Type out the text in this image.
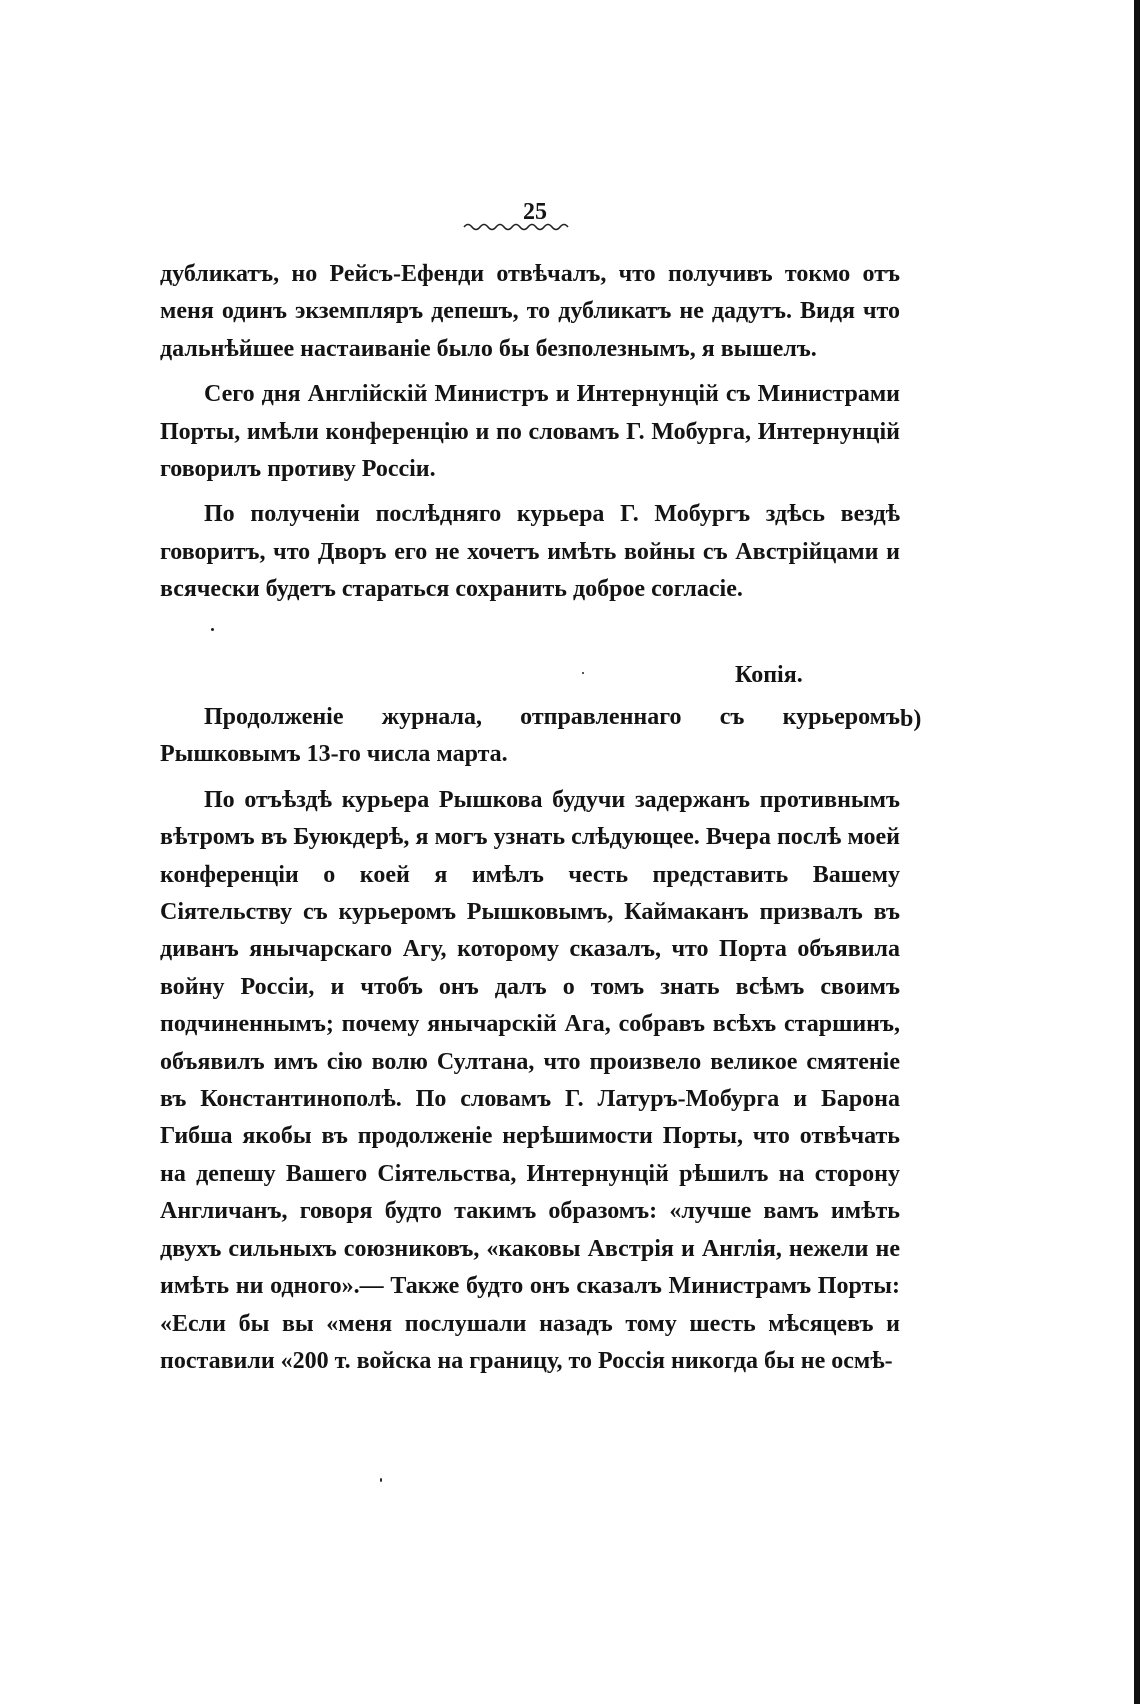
25

дубликатъ, но Рейсъ-Ефенди отвѣчалъ, что получивъ токмо отъ меня одинъ экземпляръ депешъ, то дубликатъ не дадутъ. Видя что дальнѣйшее настаиваніе было бы безполезнымъ, я вышелъ.

Сего дня Англійскій Министръ и Интернунцій съ Министрами Порты, имѣли конференцію и по словамъ Г. Мобурга, Интернунцій говорилъ противу Россіи.

По полученіи послѣдняго курьера Г. Мобургъ здѣсь вездѣ говоритъ, что Дворъ его не хочетъ имѣть войны съ Австрійцами и всячески будетъ стараться сохранить доброе согласіе.

Копія.
b)

Продолженіе журнала, отправленнаго съ курьеромъ Рышковымъ 13-го числа марта.

По отъѣздѣ курьера Рышкова будучи задержанъ противнымъ вѣтромъ въ Буюкдерѣ, я могъ узнать слѣдующее. Вчера послѣ моей конференціи о коей я имѣлъ честь представить Вашему Сіятельству съ курьеромъ Рышковымъ, Каймаканъ призвалъ въ диванъ янычарскаго Агу, которому сказалъ, что Порта объявила войну Россіи, и чтобъ онъ далъ о томъ знать всѣмъ своимъ подчиненнымъ; почему янычарскій Ага, собравъ всѣхъ старшинъ, объявилъ имъ сію волю Султана, что произвело великое смятеніе въ Константинополѣ. По словамъ Г. Латуръ-Мобурга и Барона Гибша якобы въ продолженіе нерѣшимости Порты, что отвѣчать на депешу Вашего Сіятельства, Интернунцій рѣшилъ на сторону Англичанъ, говоря будто такимъ образомъ: «лучше вамъ имѣть двухъ сильныхъ союзниковъ, «каковы Австрія и Англія, нежели не имѣть ни одного».— Также будто онъ сказалъ Министрамъ Порты: «Если бы вы «меня послушали назадъ тому шесть мѣсяцевъ и поставили «200 т. войска на границу, то Россія никогда бы не осмѣ-
